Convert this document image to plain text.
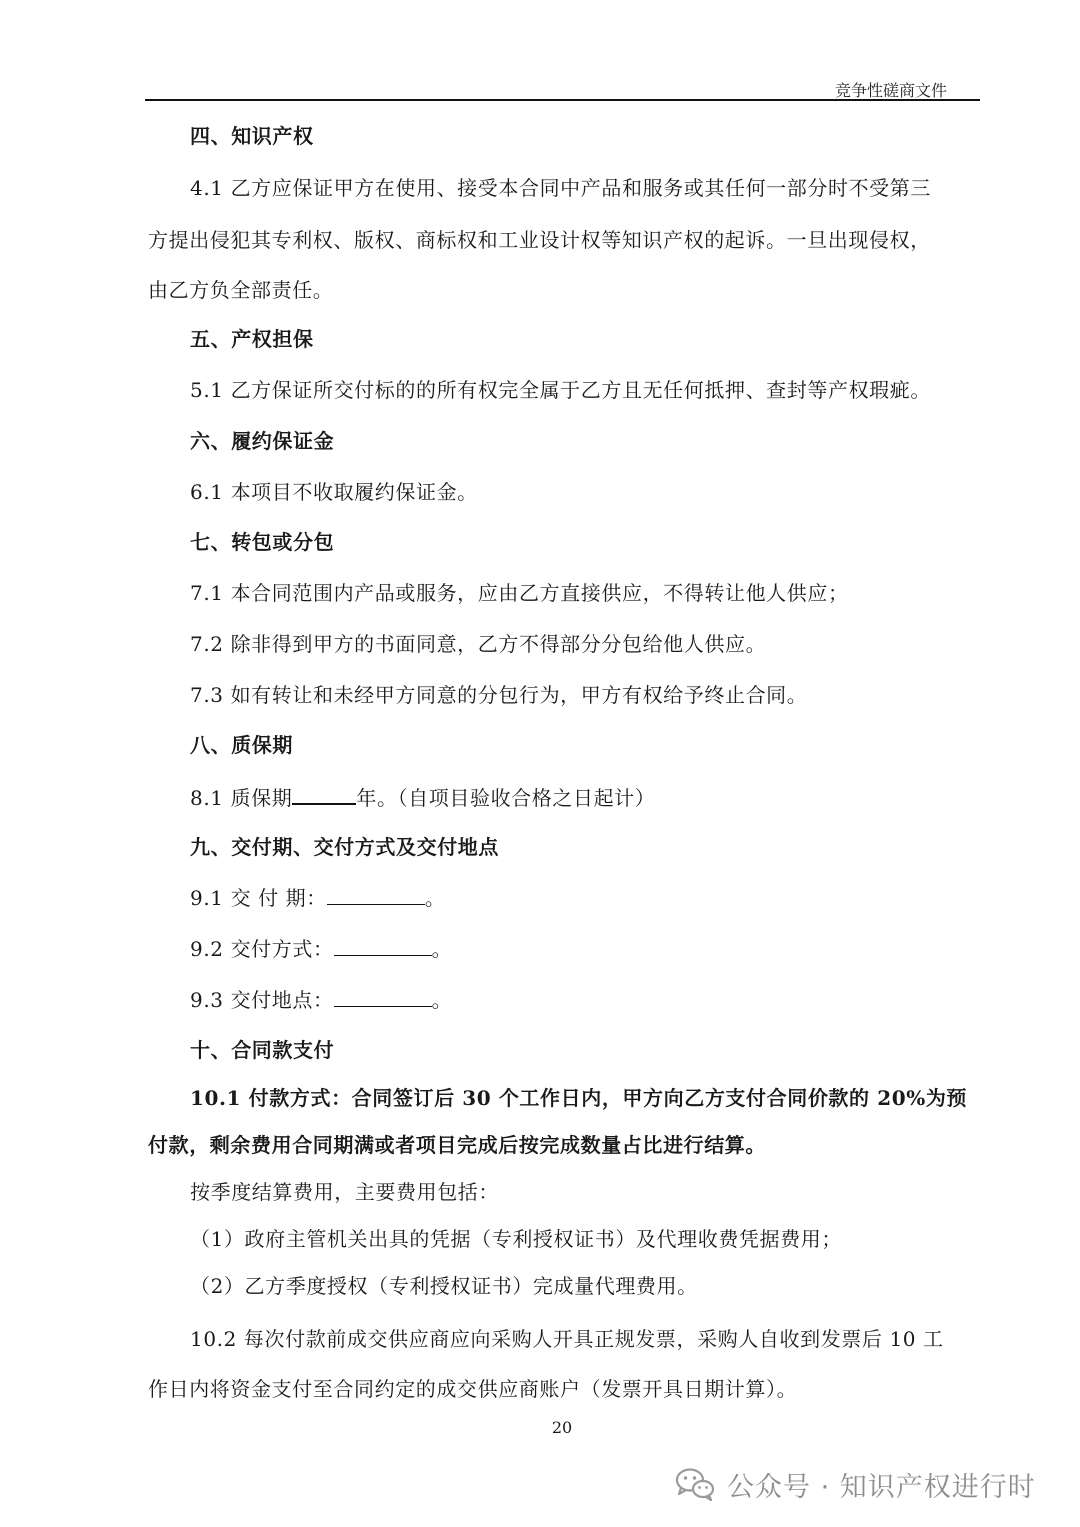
竞争性磋商文件
四、知识产权
4.1 乙方应保证甲方在使用、接受本合同中产品和服务或其任何一部分时不受第三
方提出侵犯其专利权、版权、商标权和工业设计权等知识产权的起诉。一旦出现侵权，
由乙方负全部责任。
五、产权担保
5.1 乙方保证所交付标的的所有权完全属于乙方且无任何抵押、查封等产权瑕疵。
六、履约保证金
6.1 本项目不收取履约保证金。
七、转包或分包
7.1 本合同范围内产品或服务，应由乙方直接供应，不得转让他人供应；
7.2 除非得到甲方的书面同意，乙方不得部分分包给他人供应。
7.3 如有转让和未经甲方同意的分包行为，甲方有权给予终止合同。
八、质保期
8.1 质保期	年。（自项目验收合格之日起计）
九、交付期、交付方式及交付地点
9.1 交 付 期：	。
9.2 交付方式：	。
9.3 交付地点：	。
十、合同款支付
10.1 付款方式：合同签订后 30 个工作日内，甲方向乙方支付合同价款的 20%为预
付款，剩余费用合同期满或者项目完成后按完成数量占比进行结算。
按季度结算费用，主要费用包括：
（1）政府主管机关出具的凭据（专利授权证书）及代理收费凭据费用；
（2）乙方季度授权（专利授权证书）完成量代理费用。
10.2 每次付款前成交供应商应向采购人开具正规发票，采购人自收到发票后 10 工
作日内将资金支付至合同约定的成交供应商账户（发票开具日期计算）。
20
公众号 · 知识产权进行时
